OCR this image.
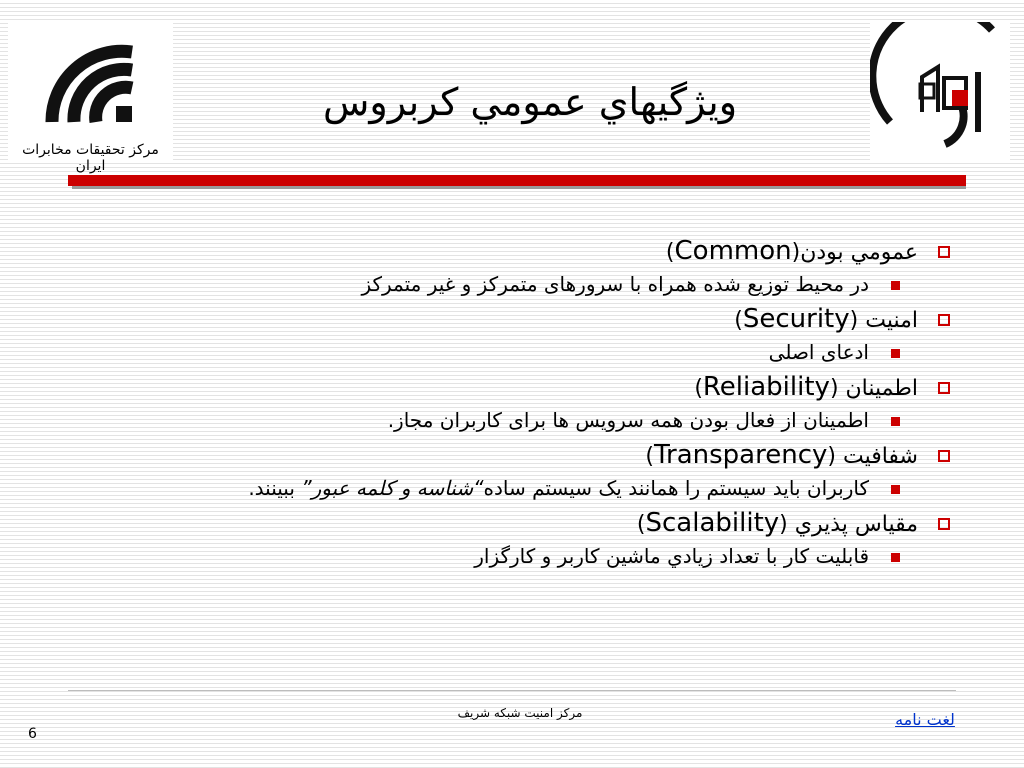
مرکز تحقیقات مخابرات ایران
ويژگيهاي عمومي كربروس
عمومي بودن(Common)
در محيط توزيع شده همراه با سرورهای متمرکز و غير متمرکز
امنیت (Security)
ادعای اصلی
اطمينان (Reliability)
اطمينان از فعال بودن همه سرويس ها برای کاربران مجاز.
شفافيت (Transparency)
کاربران بايد سيستم را همانند يک سيستم ساده“شناسه و کلمه عبور” ببينند.
مقياس پذيري (Scalability)
قابليت کار با تعداد زيادي ماشين کاربر و کارگزار
مرکز امنیت شبکه شریف	لغت نامه
6
